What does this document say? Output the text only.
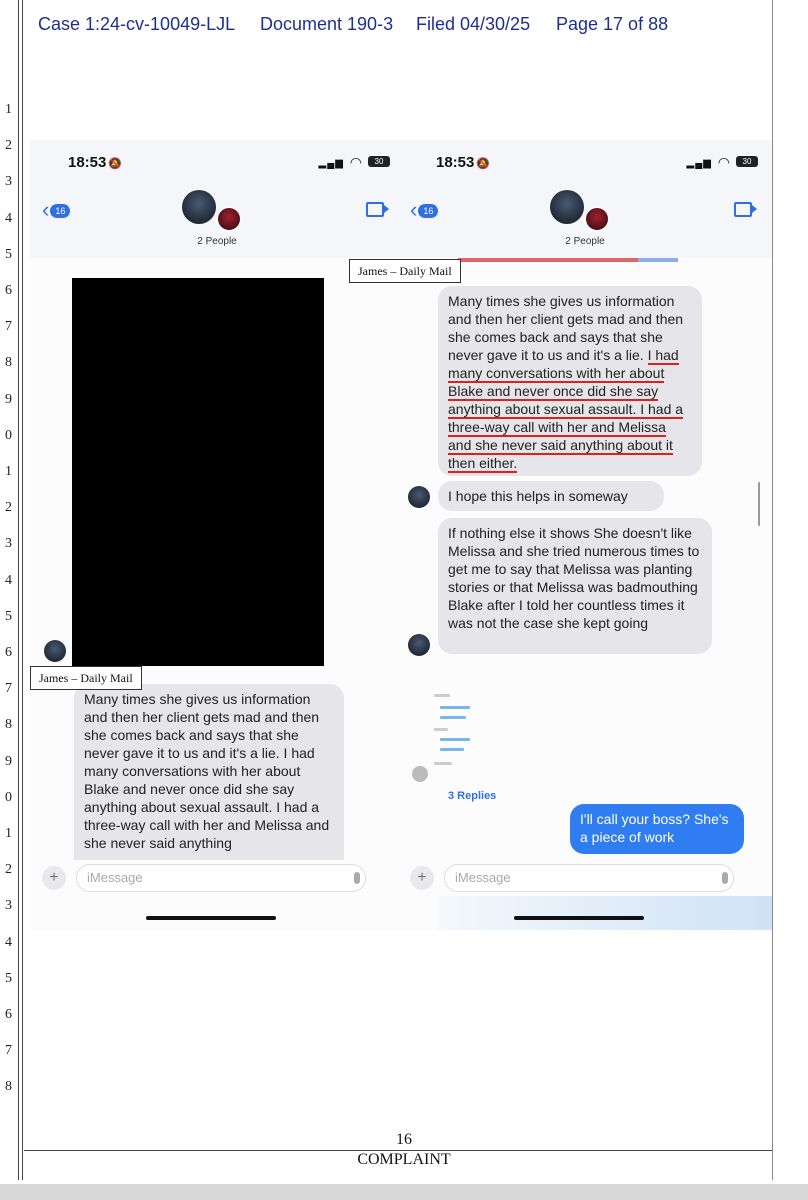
Case 1:24-cv-10049-LJL Document 190-3 Filed 04/30/25 Page 17 of 88
1
2
3
4
5
6
7
8
9
0
1
2
3
4
5
6
7
8
9
0
1
2
3
4
5
6
7
8
18:53 🔕	▂▄▆ ◠	30
‹ 16
2 People
Many times she gives us information and then her client gets mad and then she comes back and says that she never gave it to us and it's a lie. I had many conversations with her about Blake and never once did she say anything about sexual assault. I had a three-way call with her and Melissa and she never said anything
James – Daily Mail
+	iMessage
18:53 🔕	▂▄▆ ◠	30
‹ 16
2 People
Many times she gives us information and then her client gets mad and then she comes back and says that she never gave it to us and it's a lie. I had many conversations with her about Blake and never once did she say anything about sexual assault. I had a three-way call with her and Melissa and she never said anything about it then either.
I hope this helps in someway
If nothing else it shows She doesn't like Melissa and she tried numerous times to get me to say that Melissa was planting stories or that Melissa was badmouthing Blake after I told her countless times it was not the case she kept going
3 Replies
I'll call your boss? She's a piece of work
+	iMessage
James – Daily Mail
16
COMPLAINT
